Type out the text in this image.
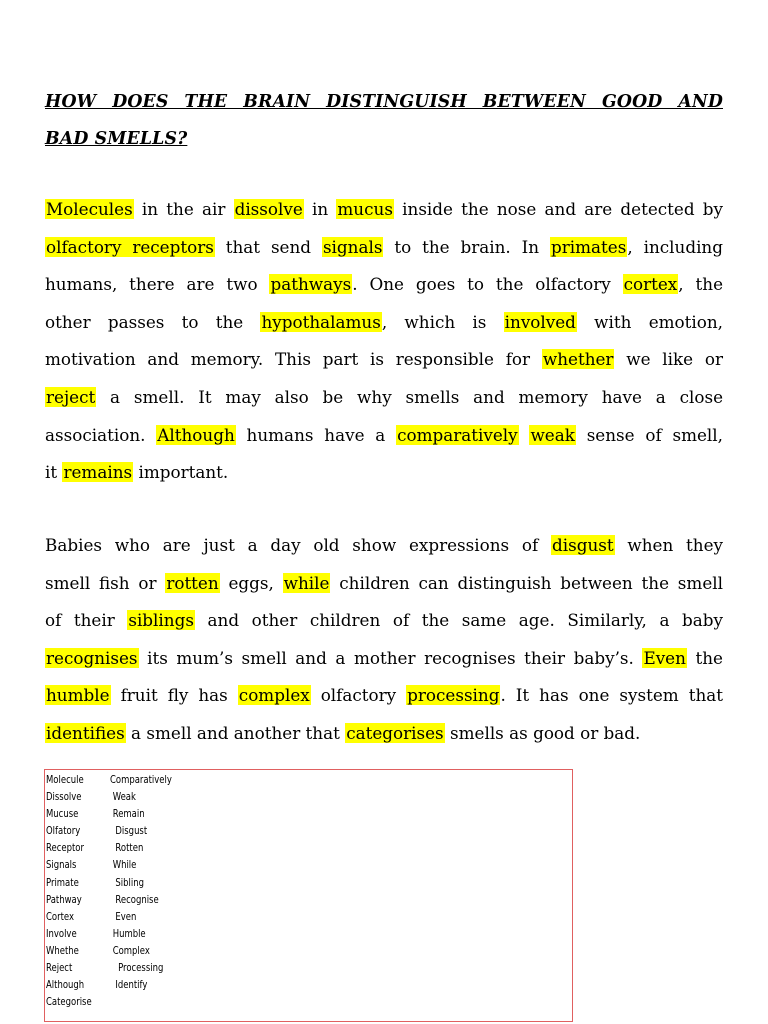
HOW DOES THE BRAIN DISTINGUISH BETWEEN GOOD AND
BAD SMELLS?
Molecules in the air dissolve in mucus inside the nose and are detected by
olfactory receptors that send signals to the brain. In primates, including
humans, there are two pathways. One goes to the olfactory cortex, the
other passes to the hypothalamus, which is involved with emotion,
motivation and memory. This part is responsible for whether we like or
reject a smell. It may also be why smells and memory have a close
association. Although humans have a comparatively weak sense of smell,
it remains important.
Babies who are just a day old show expressions of disgust when they
smell fish or rotten eggs, while children can distinguish between the smell
of their siblings and other children of the same age. Similarly, a baby
recognises its mum’s smell and a mother recognises their baby’s. Even the
humble fruit fly has complex olfactory processing. It has one system that
identifies a smell and another that categorises smells as good or bad.
Molecule Comparatively
Dissolve	Weak
Mucuse	Remain
Olfatory	Disgust
Receptor  Rotten
Signals	While
Primate	Sibling
Pathway	Recognise
Cortex	Even
Involve	Humble
Whethe	Complex
Reject	Processing
Although  Identify
Categorise
